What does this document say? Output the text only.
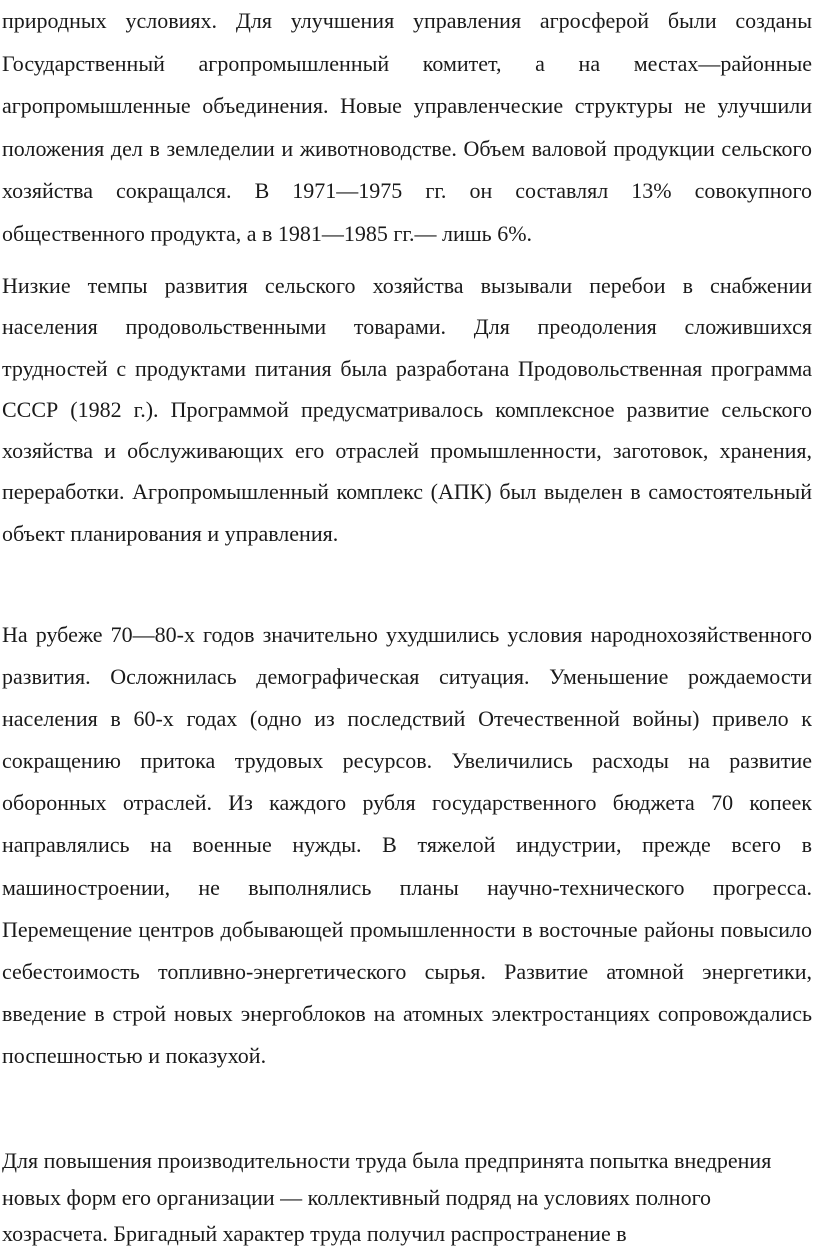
природных условиях. Для улучшения управления агросферой были созданы Государственный агропромышленный комитет, а на местах—районные агропромышленные объединения. Новые управленческие структуры не улучшили положения дел в земледелии и животноводстве. Объем валовой продукции сельского хозяйства сокращался. В 1971—1975 гг. он составлял 13% совокупного общественного продукта, а в 1981—1985 гг.— лишь 6%.

Низкие темпы развития сельского хозяйства вызывали перебои в снабжении населения продовольственными товарами. Для преодоления сложившихся трудностей с продуктами питания была разработана Продовольственная программа СССР (1982 г.). Программой предусматривалось комплексное развитие сельского хозяйства и обслуживающих его отраслей промышленности, заготовок, хранения, переработки. Агропромышленный комплекс (АПК) был выделен в самостоятельный объект планирования и управления.

На рубеже 70—80-х годов значительно ухудшились условия народнохозяйственного развития. Осложнилась демографическая ситуация. Уменьшение рождаемости населения в 60-х годах (одно из последствий Отечественной войны) привело к сокращению притока трудовых ресурсов. Увеличились расходы на развитие оборонных отраслей. Из каждого рубля государственного бюджета 70 копеек направлялись на военные нужды. В тяжелой индустрии, прежде всего в машиностроении, не выполнялись планы научно-технического прогресса. Перемещение центров добывающей промышленности в восточные районы повысило себестоимость топливно-энергетического сырья. Развитие атомной энергетики, введение в строй новых энергоблоков на атомных электростанциях сопровождались поспешностью и показухой.

Для повышения производительности труда была предпринята попытка внедрения новых форм его организации — коллективный подряд на условиях полного хозрасчета. Бригадный характер труда получил распространение в
